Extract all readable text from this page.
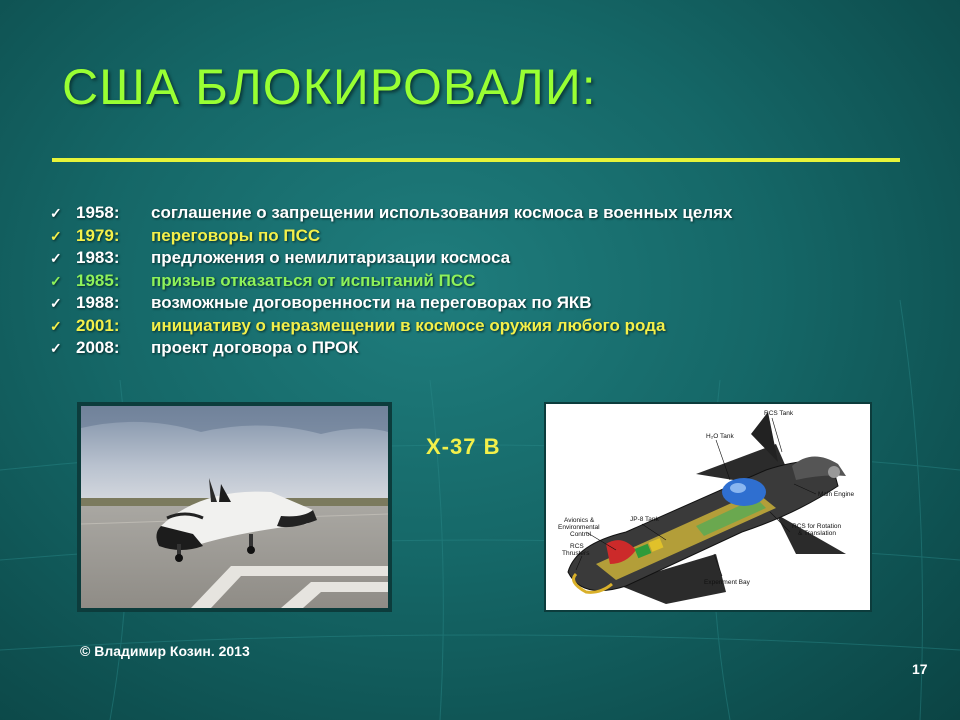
США БЛОКИРОВАЛИ:
✓ 1958: соглашение о запрещении использования космоса в военных целях
✓ 1979: переговоры по ПСС
✓ 1983: предложения о немилитаризации космоса
✓ 1985: призыв отказаться от испытаний ПСС
✓ 1988: возможные договоренности на переговорах по ЯКВ
✓ 2001: инициативу о неразмещении в космосе оружия любого рода
✓ 2008: проект договора о ПРОК

Х-37 В

RCS Tank
H₂O Tank
Main Engine
JP-8 Tank
Avionics &
Environmental
Control
RCS for Rotation
& Translation
RCS
Thrusters
Experiment Bay
© Владимир Козин. 2013
17
